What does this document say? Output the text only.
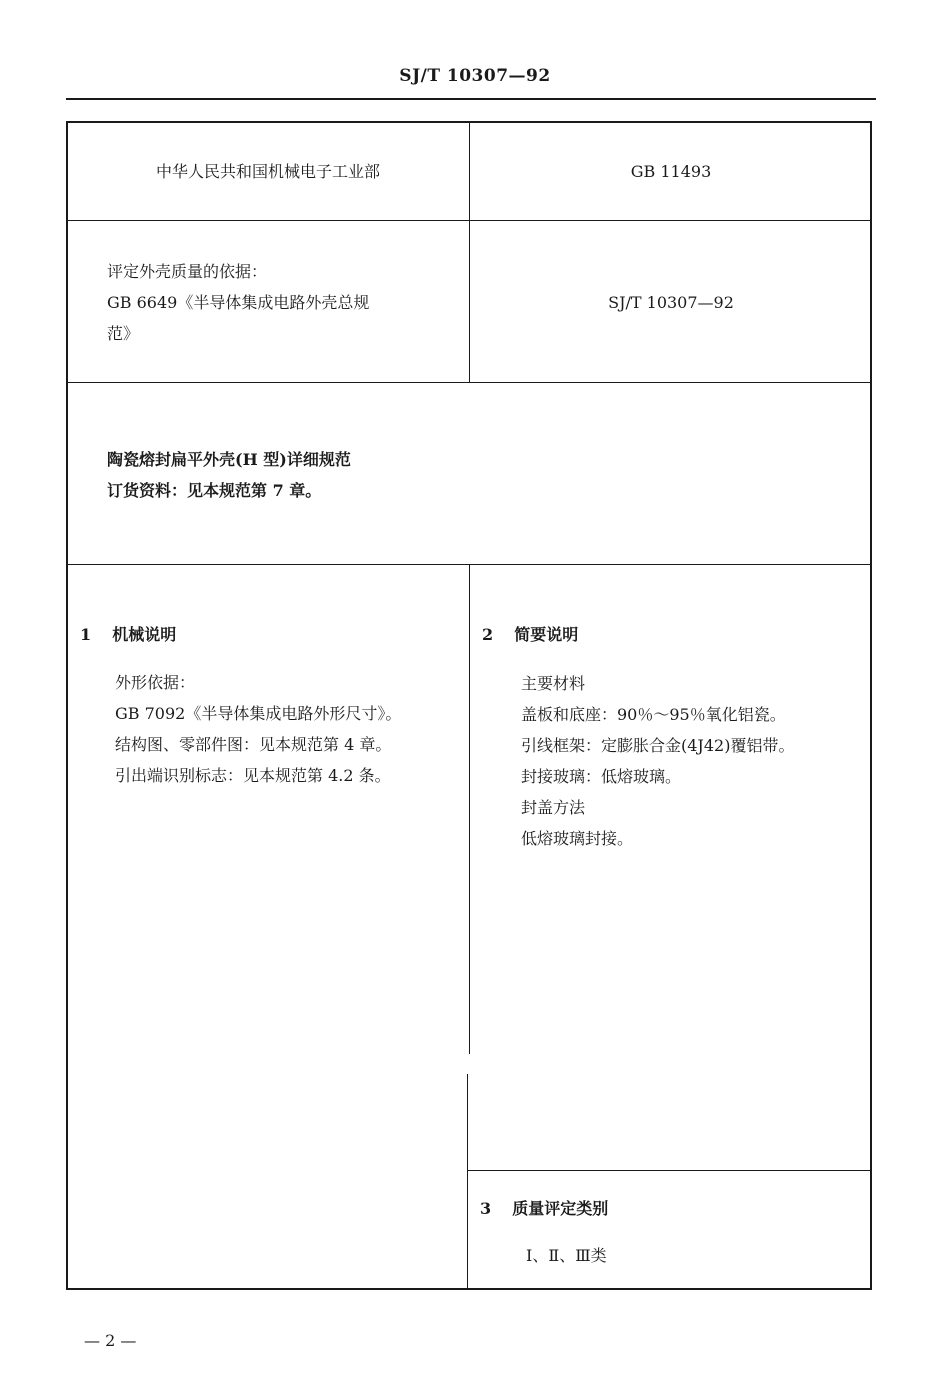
SJ/T 10307—92
中华人民共和国机械电子工业部	GB 11493
评定外壳质量的依据：
GB 6649《半导体集成电路外壳总规
范》
SJ/T 10307—92
陶瓷熔封扁平外壳(H 型)详细规范
订货资料：见本规范第 7 章。
1 机械说明
外形依据：
GB 7092《半导体集成电路外形尺寸》。
结构图、零部件图：见本规范第 4 章。
引出端识别标志：见本规范第 4.2 条。
2 简要说明
主要材料
盖板和底座：90％～95％氧化铝瓷。
引线框架：定膨胀合金(4J42)覆铝带。
封接玻璃：低熔玻璃。
封盖方法
低熔玻璃封接。
3 质量评定类别
Ⅰ、Ⅱ、Ⅲ类
— 2 —
